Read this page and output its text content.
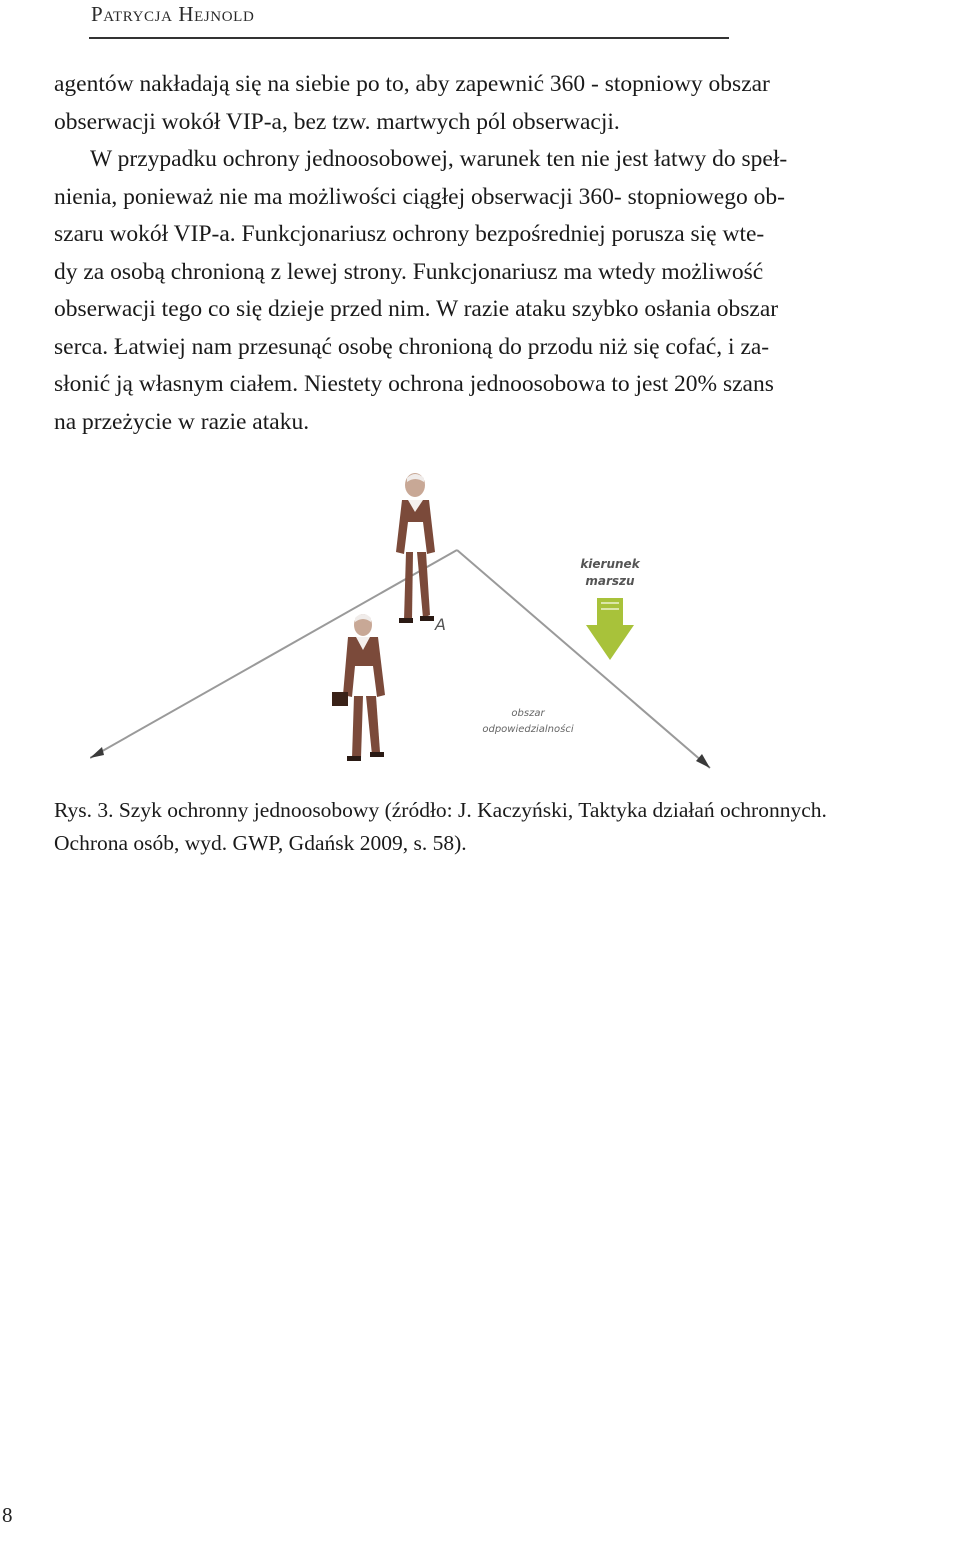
Patrycja Hejnold
agentów nakładają się na siebie po to, aby zapewnić 360 - stopniowy obszar
obserwacji wokół VIP-a, bez tzw. martwych pól obserwacji.
W przypadku ochrony jednoosobowej, warunek ten nie jest łatwy do speł-
nienia, ponieważ nie ma możliwości ciągłej obserwacji 360- stopniowego ob-
szaru wokół VIP-a. Funkcjonariusz ochrony bezpośredniej porusza się wte-
dy za osobą chronioną z lewej strony. Funkcjonariusz ma wtedy możliwość
obserwacji tego co się dzieje przed nim. W razie ataku szybko osłania obszar
serca. Łatwiej nam przesunąć osobę chronioną do przodu niż się cofać, i za-
słonić ją własnym ciałem. Niestety ochrona jednoosobowa to jest 20% szans
na przeżycie w razie ataku.
A
kierunek
marszu
obszar
odpowiedzialności
Rys. 3. Szyk ochronny jednoosobowy (źródło: J. Kaczyński, Taktyka działań ochronnych.
Ochrona osób, wyd. GWP, Gdańsk 2009, s. 58).
8
